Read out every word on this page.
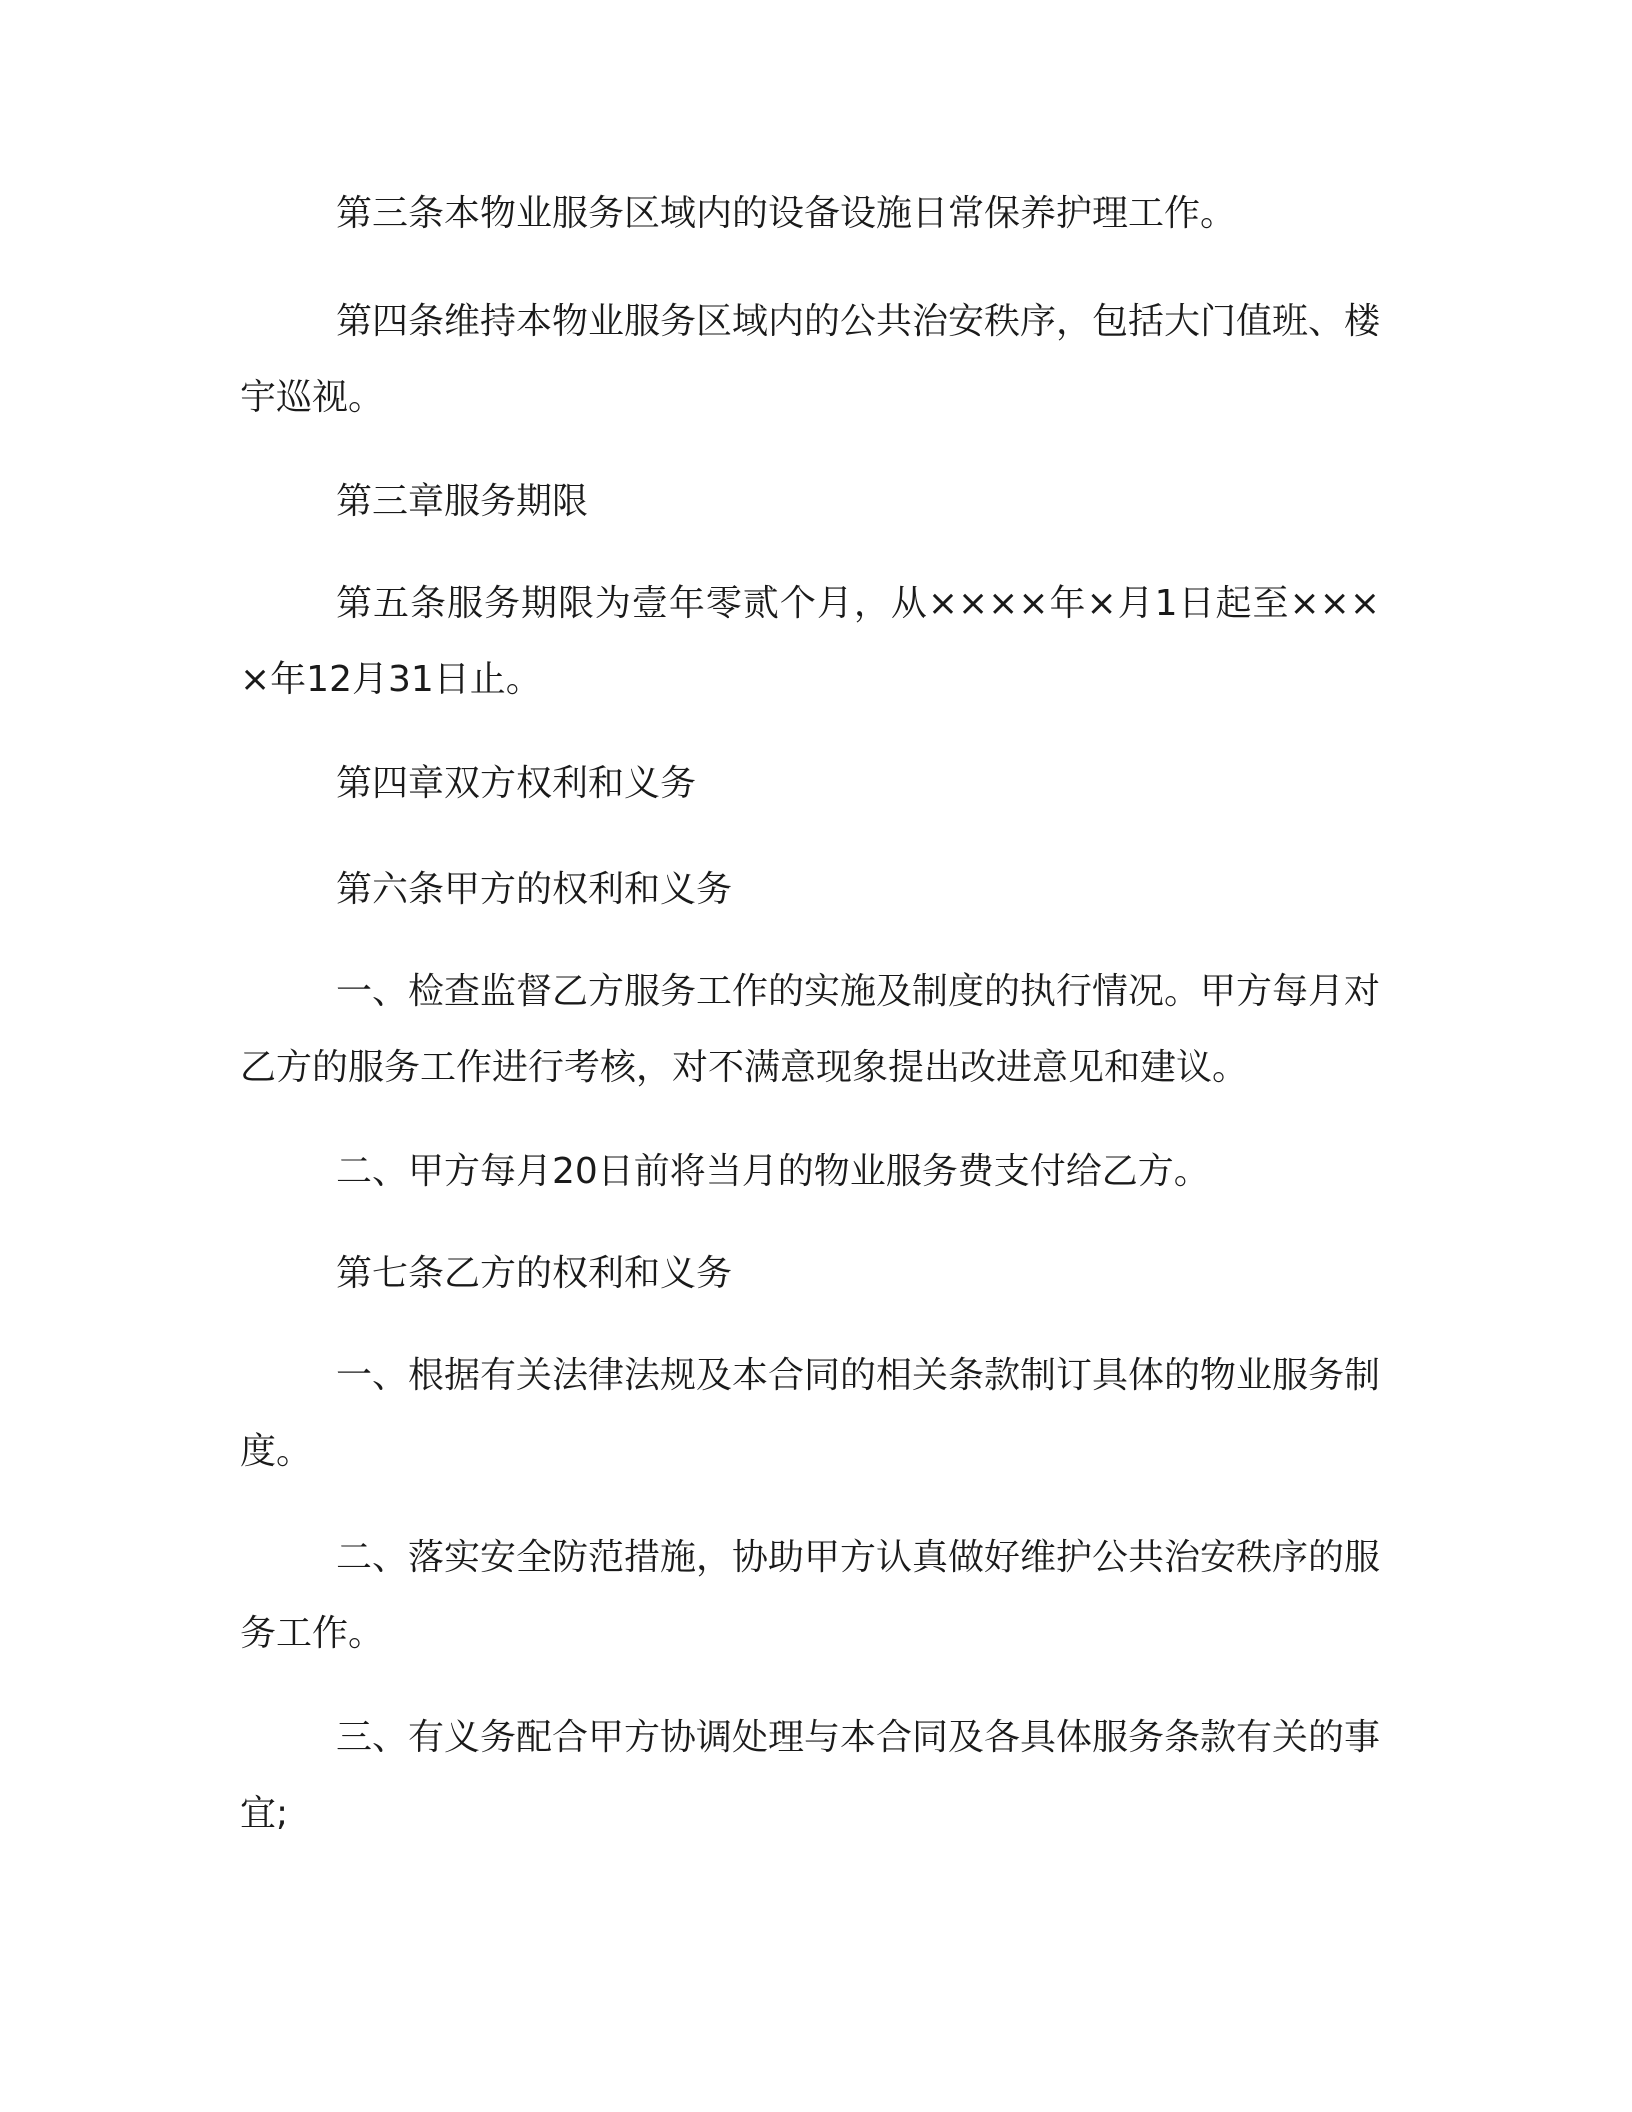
第三条本物业服务区域内的设备设施日常保养护理工作。

第四条维持本物业服务区域内的公共治安秩序，包括大门值班、楼宇巡视。

第三章服务期限

第五条服务期限为壹年零贰个月，从××××年×月1日起至××××年12月31日止。

第四章双方权利和义务

第六条甲方的权利和义务

一、检查监督乙方服务工作的实施及制度的执行情况。甲方每月对乙方的服务工作进行考核，对不满意现象提出改进意见和建议。

二、甲方每月20日前将当月的物业服务费支付给乙方。

第七条乙方的权利和义务

一、根据有关法律法规及本合同的相关条款制订具体的物业服务制度。

二、落实安全防范措施，协助甲方认真做好维护公共治安秩序的服务工作。

三、有义务配合甲方协调处理与本合同及各具体服务条款有关的事宜;
